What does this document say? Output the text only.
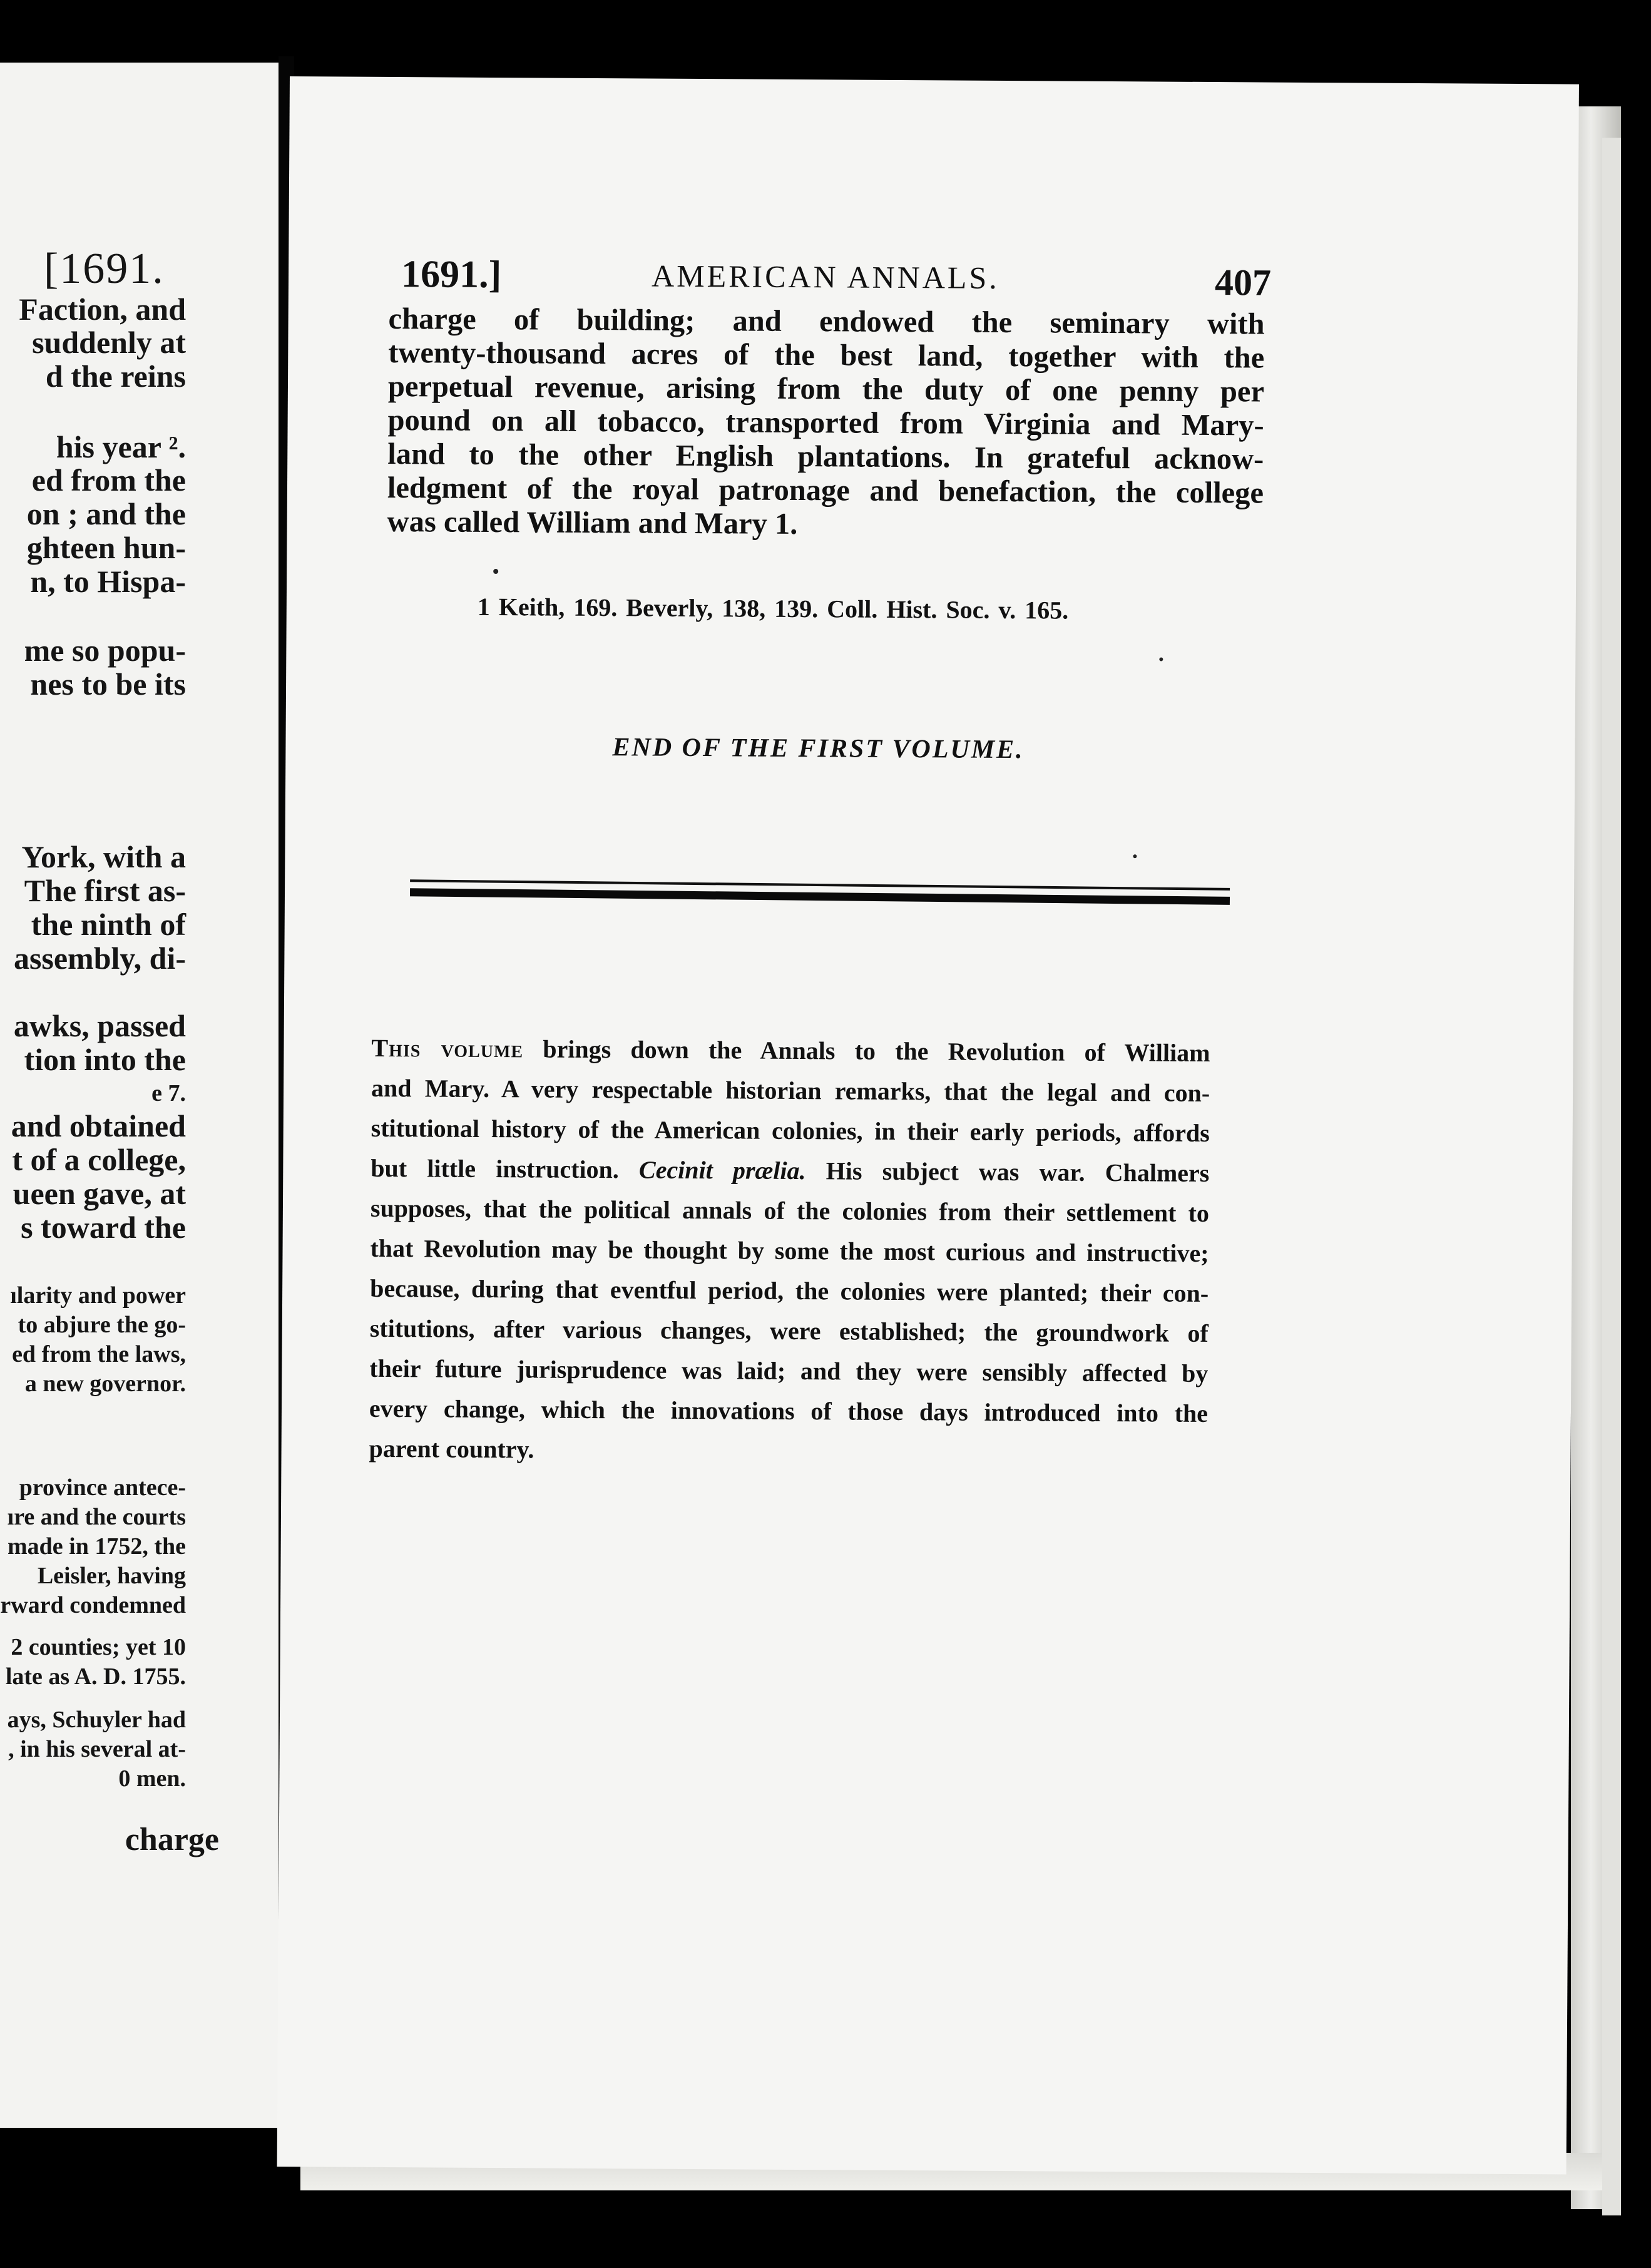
[1691.
Faction, and
suddenly at
d the reins
his year ².
ed from the
on ; and the
ghteen hun-
n, to Hispa-
me so popu-
nes to be its
York, with a
The first as-
the ninth of
assembly, di-
awks, passed
tion into the
e 7.
and obtained
t of a college,
ueen gave, at
s toward the
ılarity and power
to abjure the go-
ed from the laws,
a new governor.
province antece-
ıre and the courts
made in 1752, the
Leisler, having
rward condemned
2 counties; yet 10
late as A. D. 1755.
ays, Schuyler had
, in his several at-
0 men.
charge
1691.]	AMERICAN ANNALS.	407
charge of building; and endowed the seminary with
twenty-thousand acres of the best land, together with the
perpetual revenue, arising from the duty of one penny per
pound on all tobacco, transported from Virginia and Mary-
land to the other English plantations. In grateful acknow-
ledgment of the royal patronage and benefaction, the college
was called William and Mary 1.
1 Keith, 169. Beverly, 138, 139. Coll. Hist. Soc. v. 165.
END OF THE FIRST VOLUME.
This volume brings down the Annals to the Revolution of William
and Mary. A very respectable historian remarks, that the legal and con-
stitutional history of the American colonies, in their early periods, affords
but little instruction. Cecinit prælia. His subject was war. Chalmers
supposes, that the political annals of the colonies from their settlement to
that Revolution may be thought by some the most curious and instructive;
because, during that eventful period, the colonies were planted; their con-
stitutions, after various changes, were established; the groundwork of
their future jurisprudence was laid; and they were sensibly affected by
every change, which the innovations of those days introduced into the
parent country.
